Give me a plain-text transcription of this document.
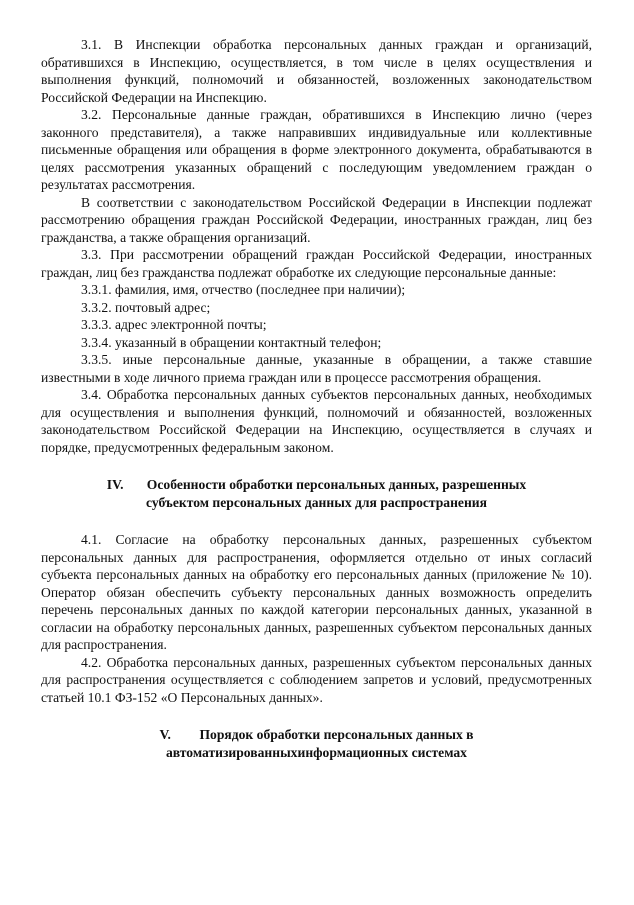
3.1. В Инспекции обработка персональных данных граждан и организаций, обратившихся в Инспекцию, осуществляется, в том числе в целях осуществления и выполнения функций, полномочий и обязанностей, возложенных законодательством Российской Федерации на Инспекцию.

3.2. Персональные данные граждан, обратившихся в Инспекцию лично (через законного представителя), а также направивших индивидуальные или коллективные письменные обращения или обращения в форме электронного документа, обрабатываются в целях рассмотрения указанных обращений с последующим уведомлением граждан о результатах рассмотрения.

В соответствии с законодательством Российской Федерации в Инспекции подлежат рассмотрению обращения граждан Российской Федерации, иностранных граждан, лиц без гражданства, а также обращения организаций.

3.3. При рассмотрении обращений граждан Российской Федерации, иностранных граждан, лиц без гражданства подлежат обработке их следующие персональные данные:

3.3.1. фамилия, имя, отчество (последнее при наличии);

3.3.2. почтовый адрес;

3.3.3. адрес электронной почты;

3.3.4. указанный в обращении контактный телефон;

3.3.5. иные персональные данные, указанные в обращении, а также ставшие известными в ходе личного приема граждан или в процессе рассмотрения обращения.

3.4. Обработка персональных данных субъектов персональных данных, необходимых для осуществления и выполнения функций, полномочий и обязанностей, возложенных законодательством Российской Федерации на Инспекцию, осуществляется в случаях и порядке, предусмотренных федеральным законом.

IV. Особенности обработки персональных данных, разрешенных

субъектом персональных данных для распространения

4.1. Согласие на обработку персональных данных, разрешенных субъектом персональных данных для распространения, оформляется отдельно от иных согласий субъекта персональных данных на обработку его персональных данных (приложение № 10). Оператор обязан обеспечить субъекту персональных данных возможность определить перечень персональных данных по каждой категории персональных данных, указанной в согласии на обработку персональных данных, разрешенных субъектом персональных данных для распространения.

4.2. Обработка персональных данных, разрешенных субъектом персональных данных для распространения осуществляется с соблюдением запретов и условий, предусмотренных статьей 10.1 ФЗ-152 «О Персональных данных».

V. Порядок обработки персональных данных в

автоматизированныхинформационных системах
